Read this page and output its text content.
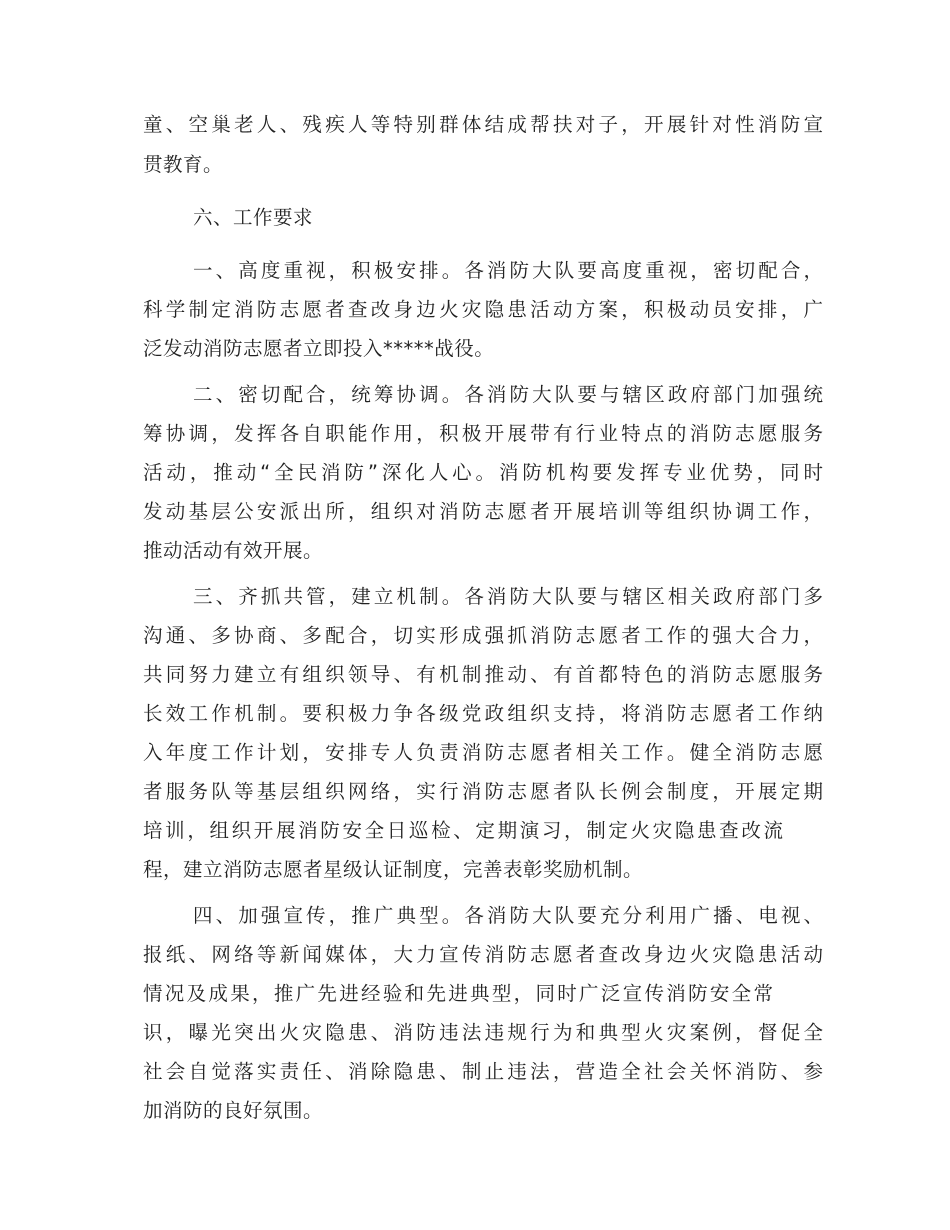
童、空巢老人、残疾人等特别群体结成帮扶对子，开展针对性消防宣
贯教育。
六、工作要求
一、高度重视，积极安排。各消防大队要高度重视，密切配合，
科学制定消防志愿者查改身边火灾隐患活动方案，积极动员安排，广
泛发动消防志愿者立即投入*****战役。
二、密切配合，统筹协调。各消防大队要与辖区政府部门加强统
筹协调，发挥各自职能作用，积极开展带有行业特点的消防志愿服务
活动，推动“全民消防”深化人心。消防机构要发挥专业优势，同时
发动基层公安派出所，组织对消防志愿者开展培训等组织协调工作，
推动活动有效开展。
三、齐抓共管，建立机制。各消防大队要与辖区相关政府部门多
沟通、多协商、多配合，切实形成强抓消防志愿者工作的强大合力，
共同努力建立有组织领导、有机制推动、有首都特色的消防志愿服务
长效工作机制。要积极力争各级党政组织支持，将消防志愿者工作纳
入年度工作计划，安排专人负责消防志愿者相关工作。健全消防志愿
者服务队等基层组织网络，实行消防志愿者队长例会制度，开展定期
培训，组织开展消防安全日巡检、定期演习，制定火灾隐患查改流
程，建立消防志愿者星级认证制度，完善表彰奖励机制。
四、加强宣传，推广典型。各消防大队要充分利用广播、电视、
报纸、网络等新闻媒体，大力宣传消防志愿者查改身边火灾隐患活动
情况及成果，推广先进经验和先进典型，同时广泛宣传消防安全常
识，曝光突出火灾隐患、消防违法违规行为和典型火灾案例，督促全
社会自觉落实责任、消除隐患、制止违法，营造全社会关怀消防、参
加消防的良好氛围。
